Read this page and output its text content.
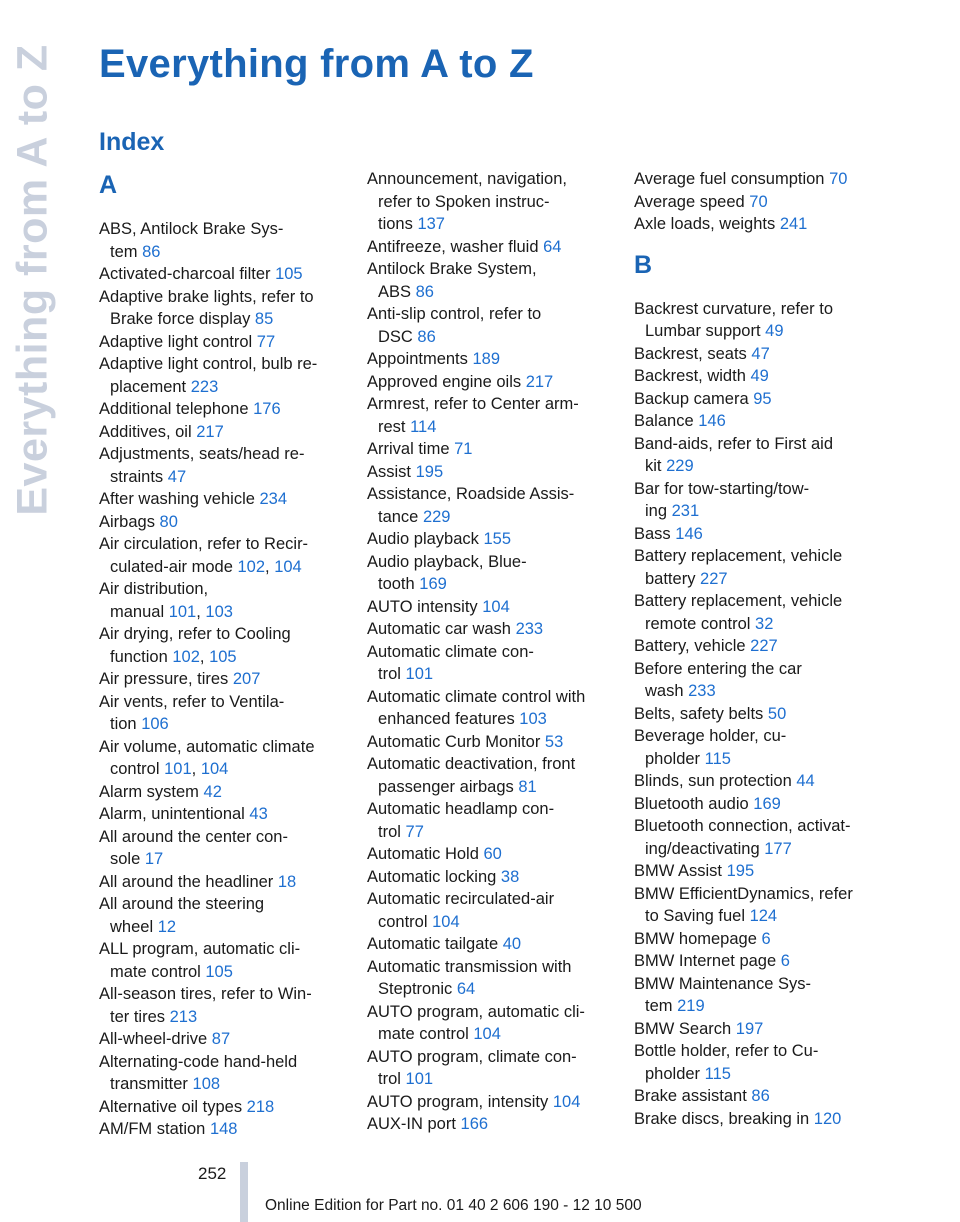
Everything from A to Z Everything from A to Z
Index
A
ABS, Antilock Brake Sys-
tem 86
Activated-charcoal filter 105
Adaptive brake lights, refer to
Brake force display 85
Adaptive light control 77
Adaptive light control, bulb re-
placement 223
Additional telephone 176
Additives, oil 217
Adjustments, seats/head re-
straints 47
After washing vehicle 234
Airbags 80
Air circulation, refer to Recir-
culated-air mode 102, 104
Air distribution,
manual 101, 103
Air drying, refer to Cooling
function 102, 105
Air pressure, tires 207
Air vents, refer to Ventila-
tion 106
Air volume, automatic climate
control 101, 104
Alarm system 42
Alarm, unintentional 43
All around the center con-
sole 17
All around the headliner 18
All around the steering
wheel 12
ALL program, automatic cli-
mate control 105
All-season tires, refer to Win-
ter tires 213
All-wheel-drive 87
Alternating-code hand-held
transmitter 108
Alternative oil types 218
AM/FM station 148
Announcement, navigation,
refer to Spoken instruc-
tions 137
Antifreeze, washer fluid 64
Antilock Brake System,
ABS 86
Anti-slip control, refer to
DSC 86
Appointments 189
Approved engine oils 217
Armrest, refer to Center arm-
rest 114
Arrival time 71
Assist 195
Assistance, Roadside Assis-
tance 229
Audio playback 155
Audio playback, Blue-
tooth 169
AUTO intensity 104
Automatic car wash 233
Automatic climate con-
trol 101
Automatic climate control with
enhanced features 103
Automatic Curb Monitor 53
Automatic deactivation, front
passenger airbags 81
Automatic headlamp con-
trol 77
Automatic Hold 60
Automatic locking 38
Automatic recirculated-air
control 104
Automatic tailgate 40
Automatic transmission with
Steptronic 64
AUTO program, automatic cli-
mate control 104
AUTO program, climate con-
trol 101
AUTO program, intensity 104
AUX-IN port 166
Average fuel consumption 70
Average speed 70
Axle loads, weights 241
B
Backrest curvature, refer to
Lumbar support 49
Backrest, seats 47
Backrest, width 49
Backup camera 95
Balance 146
Band-aids, refer to First aid
kit 229
Bar for tow-starting/tow-
ing 231
Bass 146
Battery replacement, vehicle
battery 227
Battery replacement, vehicle
remote control 32
Battery, vehicle 227
Before entering the car
wash 233
Belts, safety belts 50
Beverage holder, cu-
pholder 115
Blinds, sun protection 44
Bluetooth audio 169
Bluetooth connection, activat-
ing/deactivating 177
BMW Assist 195
BMW EfficientDynamics, refer
to Saving fuel 124
BMW homepage 6
BMW Internet page 6
BMW Maintenance Sys-
tem 219
BMW Search 197
Bottle holder, refer to Cu-
pholder 115
Brake assistant 86
Brake discs, breaking in 120
252
Online Edition for Part no. 01 40 2 606 190 - 12 10 500
